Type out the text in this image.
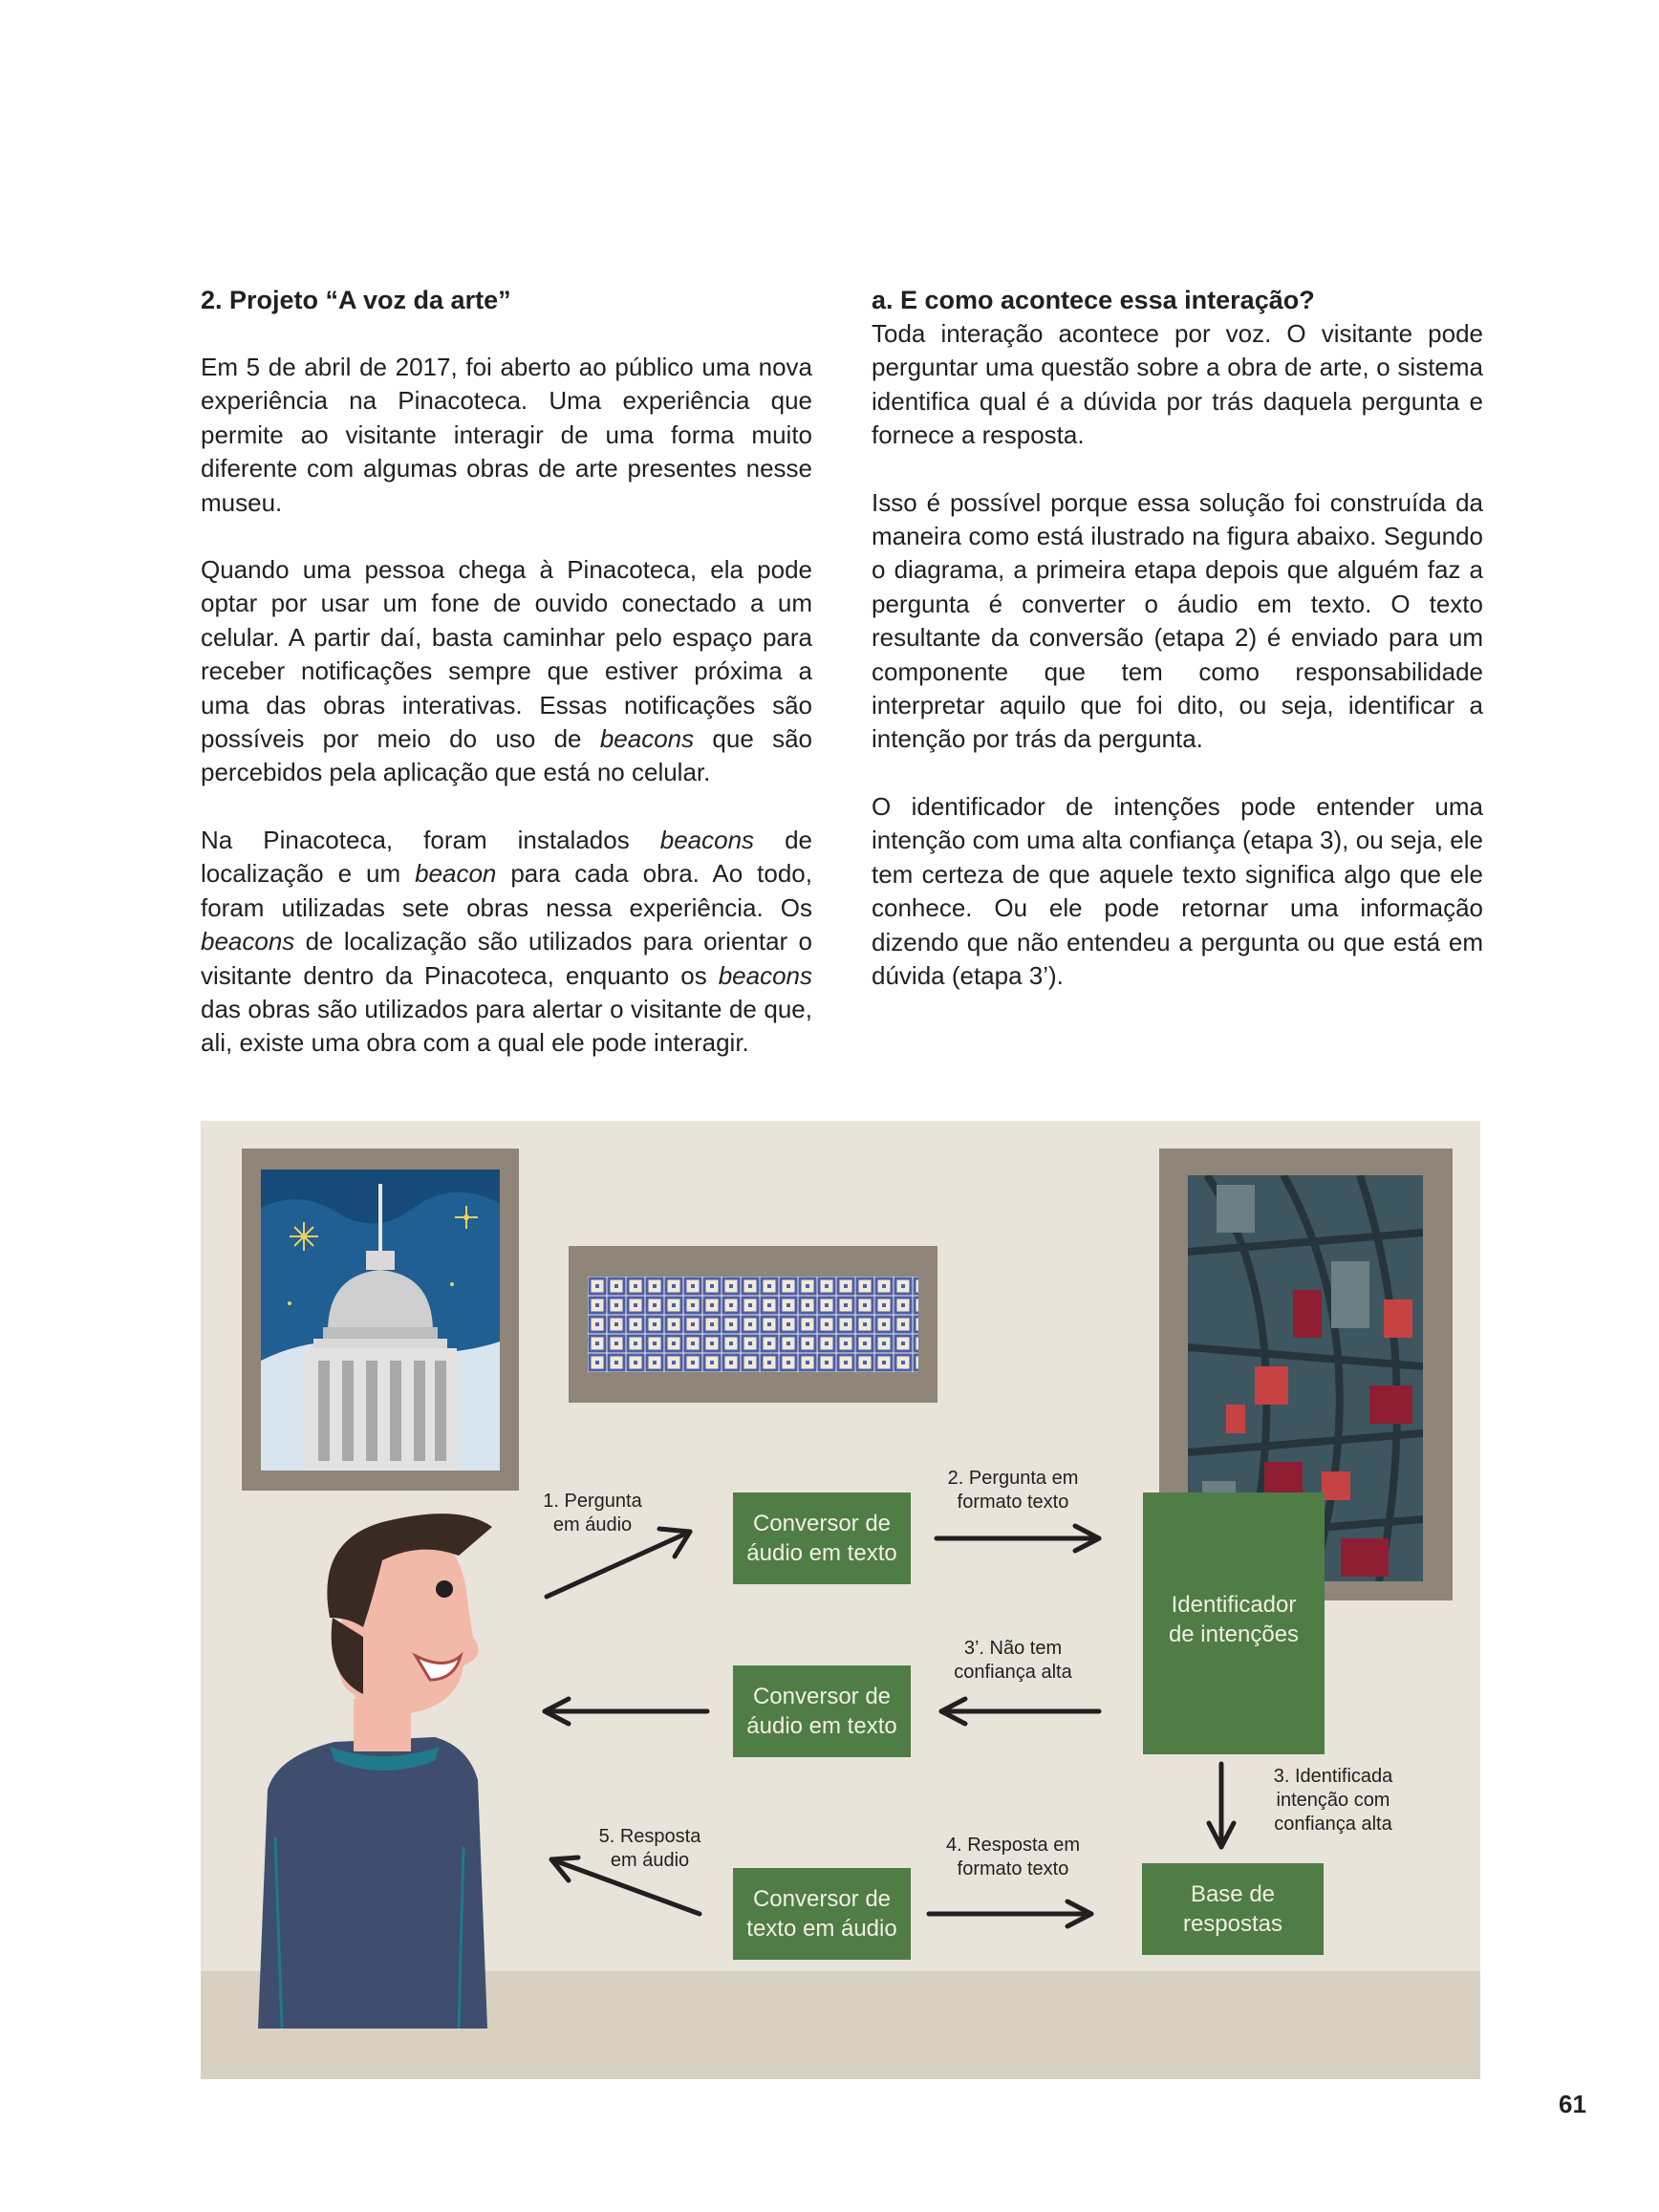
2. Projeto “A voz da arte”

Em 5 de abril de 2017, foi aberto ao público uma nova experiência na Pinacoteca. Uma experiência que permite ao visitante interagir de uma forma muito diferente com algumas obras de arte presentes nesse museu.

Quando uma pessoa chega à Pinacoteca, ela pode optar por usar um fone de ouvido conectado a um celular. A partir daí, basta caminhar pelo espaço para receber notificações sempre que estiver próxima a uma das obras interativas. Essas notificações são possíveis por meio do uso de beacons que são percebidos pela aplicação que está no celular.

Na Pinacoteca, foram instalados beacons de localização e um beacon para cada obra. Ao todo, foram utilizadas sete obras nessa experiência. Os beacons de localização são utilizados para orientar o visitante dentro da Pinacoteca, enquanto os beacons das obras são utilizados para alertar o visitante de que, ali, existe uma obra com a qual ele pode interagir.

a. E como acontece essa interação?

Toda interação acontece por voz. O visitante pode perguntar uma questão sobre a obra de arte, o sistema identifica qual é a dúvida por trás daquela pergunta e fornece a resposta.

Isso é possível porque essa solução foi construída da maneira como está ilustrado na figura abaixo. Segundo o diagrama, a primeira etapa depois que alguém faz a pergunta é converter o áudio em texto. O texto resultante da conversão (etapa 2) é enviado para um componente que tem como responsabilidade interpretar aquilo que foi dito, ou seja, identificar a intenção por trás da pergunta.

O identificador de intenções pode entender uma intenção com uma alta confiança (etapa 3), ou seja, ele tem certeza de que aquele texto significa algo que ele conhece. Ou ele pode retornar uma informação dizendo que não entendeu a pergunta ou que está em dúvida (etapa 3’).

Conversor de
áudio em texto
Conversor de
áudio em texto
Conversor de
texto em áudio
Identificador
de intenções
Base de
respostas
1. Pergunta
em áudio
2. Pergunta em
formato texto
3’. Não tem
confiança alta
3. Identificada
intenção com
confiança alta
4. Resposta em
formato texto
5. Resposta
em áudio
61
